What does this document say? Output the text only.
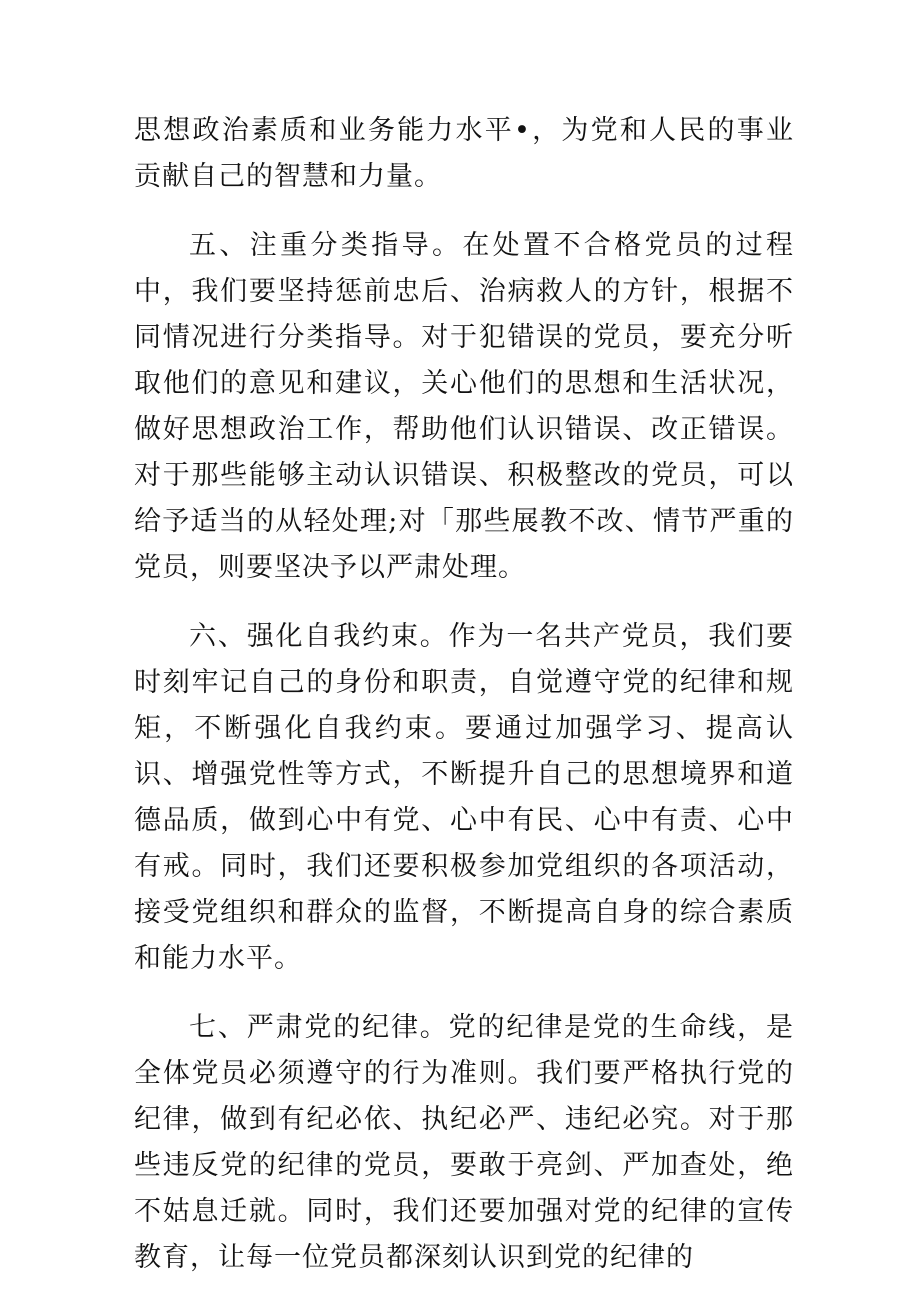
思想政治素质和业务能力水平•，为党和人民的事业贡献自己的智慧和力量。

五、注重分类指导。在处置不合格党员的过程中，我们要坚持惩前忠后、治病救人的方针，根据不同情况进行分类指导。对于犯错误的党员，要充分听取他们的意见和建议，关心他们的思想和生活状况，做好思想政治工作，帮助他们认识错误、改正错误。对于那些能够主动认识错误、积极整改的党员，可以给予适当的从轻处理;对「那些展教不改、情节严重的党员，则要坚决予以严肃处理。

六、强化自我约束。作为一名共产党员，我们要时刻牢记自己的身份和职责，自觉遵守党的纪律和规矩，不断强化自我约束。要通过加强学习、提高认识、增强党性等方式，不断提升自己的思想境界和道德品质，做到心中有党、心中有民、心中有责、心中有戒。同时，我们还要积极参加党组织的各项活动，接受党组织和群众的监督，不断提高自身的综合素质和能力水平。

七、严肃党的纪律。党的纪律是党的生命线，是全体党员必须遵守的行为准则。我们要严格执行党的纪律，做到有纪必依、执纪必严、违纪必究。对于那些违反党的纪律的党员，要敢于亮剑、严加查处，绝不姑息迁就。同时，我们还要加强对党的纪律的宣传教育，让每一位党员都深刻认识到党的纪律的
